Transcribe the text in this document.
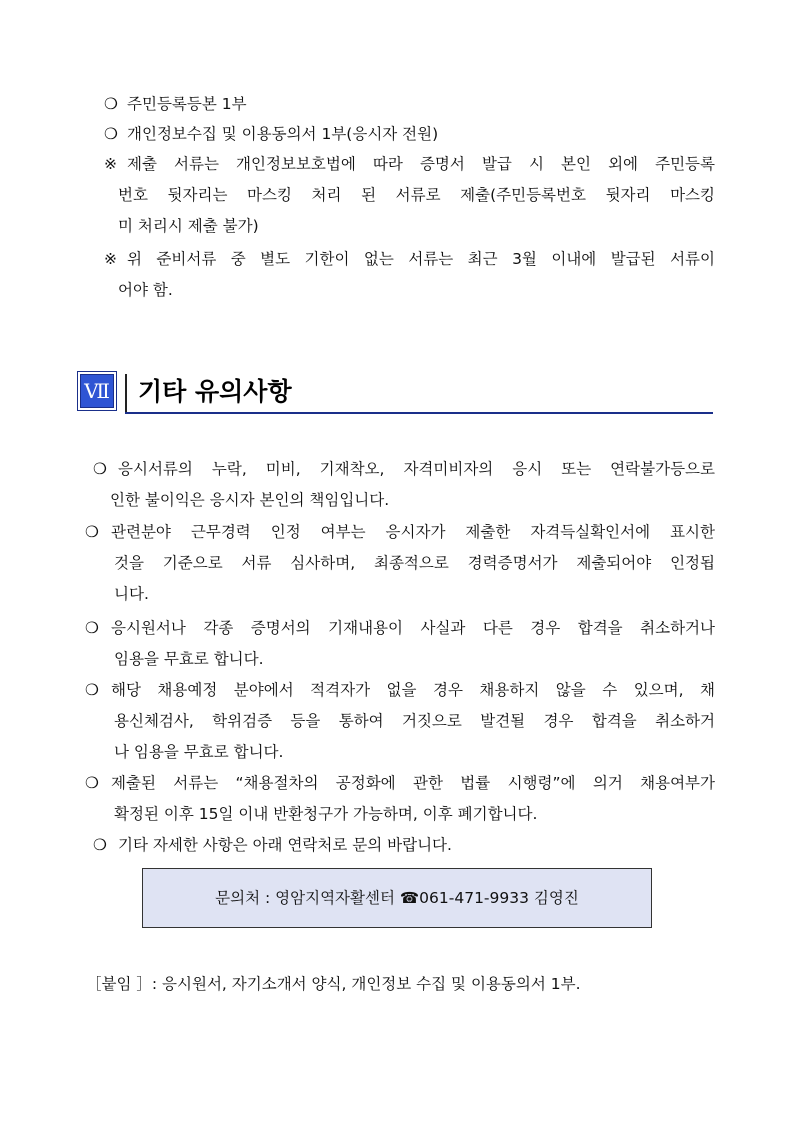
❍ 주민등록등본 1부
❍ 개인정보수집 및 이용동의서 1부(응시자 전원)
※ 제출 서류는 개인정보보호법에 따라 증명서 발급 시 본인 외에 주민등록
번호 뒷자리는 마스킹 처리 된 서류로 제출(주민등록번호 뒷자리 마스킹
미 처리시 제출 불가)
※ 위 준비서류 중 별도 기한이 없는 서류는 최근 3월 이내에 발급된 서류이
어야 함.
Ⅶ 기타 유의사항
❍ 응시서류의 누락, 미비, 기재착오, 자격미비자의 응시 또는 연락불가등으로
인한 불이익은 응시자 본인의 책임입니다.
❍ 관련분야 근무경력 인정 여부는 응시자가 제출한 자격득실확인서에 표시한
것을 기준으로 서류 심사하며, 최종적으로 경력증명서가 제출되어야 인정됩
니다.
❍ 응시원서나 각종 증명서의 기재내용이 사실과 다른 경우 합격을 취소하거나
임용을 무효로 합니다.
❍ 해당 채용예정 분야에서 적격자가 없을 경우 채용하지 않을 수 있으며, 채
용신체검사, 학위검증 등을 통하여 거짓으로 발견될 경우 합격을 취소하거
나 임용을 무효로 합니다.
❍ 제출된 서류는 “채용절차의 공정화에 관한 법률 시행령”에 의거 채용여부가
확정된 이후 15일 이내 반환청구가 가능하며, 이후 폐기합니다.
❍ 기타 자세한 사항은 아래 연락처로 문의 바랍니다.
문의처 : 영암지역자활센터 ☎061-471-9933 김영진
［붙임 ］: 응시원서, 자기소개서 양식, 개인정보 수집 및 이용동의서 1부.
